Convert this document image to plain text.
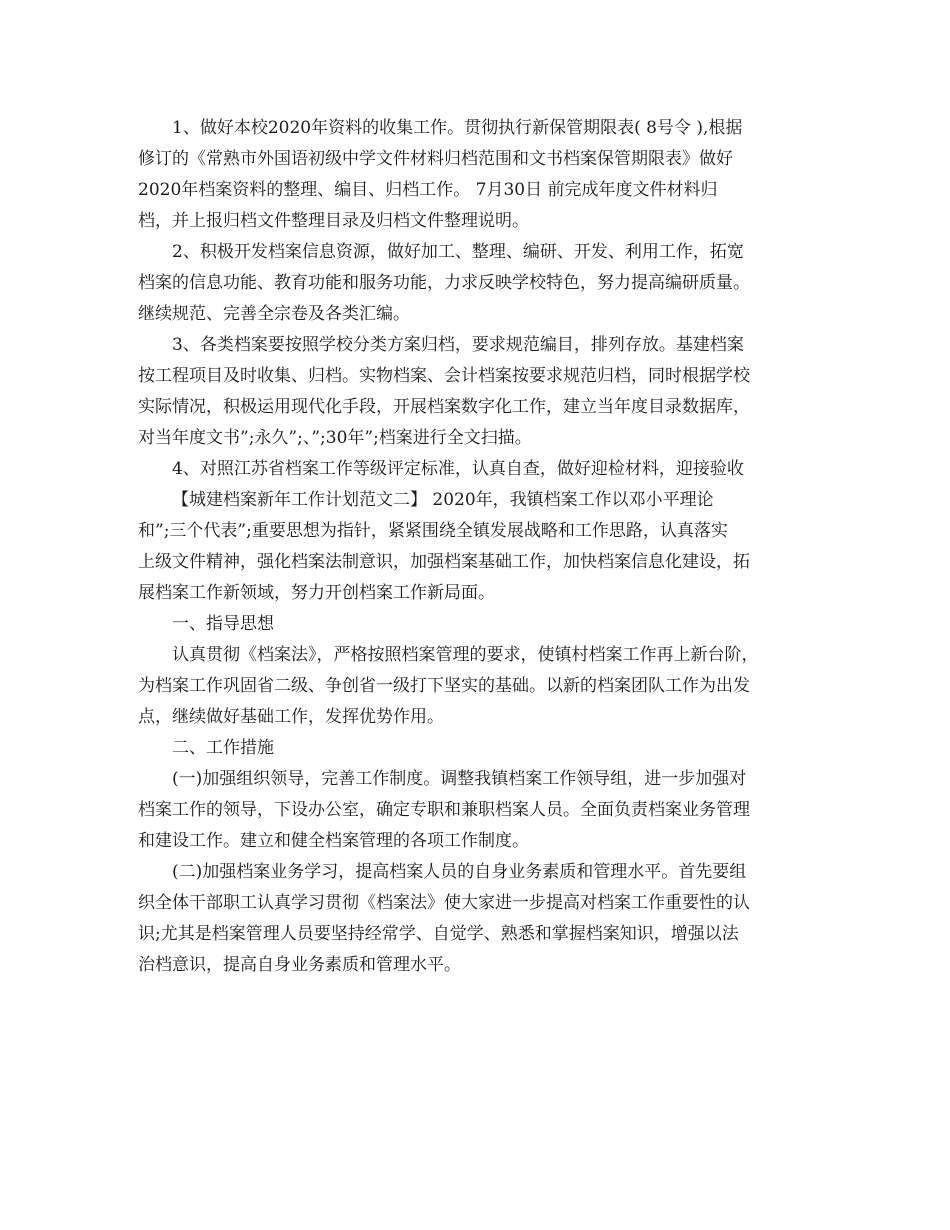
1、做好本校2020年资料的收集工作。贯彻执行新保管期限表( 8号令 ),根据
修订的《常熟市外国语初级中学文件材料归档范围和文书档案保管期限表》做好
2020年档案资料的整理、编目、归档工作。 7月30日 前完成年度文件材料归
档，并上报归档文件整理目录及归档文件整理说明。
2、积极开发档案信息资源，做好加工、整理、编研、开发、利用工作，拓宽
档案的信息功能、教育功能和服务功能，力求反映学校特色，努力提高编研质量。
继续规范、完善全宗卷及各类汇编。
3、各类档案要按照学校分类方案归档，要求规范编目，排列存放。基建档案
按工程项目及时收集、归档。实物档案、会计档案按要求规范归档，同时根据学校
实际情况，积极运用现代化手段，开展档案数字化工作，建立当年度目录数据库，
对当年度文书”;永久”;、”;30年”;档案进行全文扫描。
4、对照江苏省档案工作等级评定标准，认真自查，做好迎检材料，迎接验收
【城建档案新年工作计划范文二】 2020年，我镇档案工作以邓小平理论
和”;三个代表”;重要思想为指针，紧紧围绕全镇发展战略和工作思路，认真落实
上级文件精神，强化档案法制意识，加强档案基础工作，加快档案信息化建设，拓
展档案工作新领域，努力开创档案工作新局面。
一、指导思想
认真贯彻《档案法》，严格按照档案管理的要求，使镇村档案工作再上新台阶，
为档案工作巩固省二级、争创省一级打下坚实的基础。以新的档案团队工作为出发
点，继续做好基础工作，发挥优势作用。
二、工作措施
(一)加强组织领导，完善工作制度。调整我镇档案工作领导组，进一步加强对
档案工作的领导，下设办公室，确定专职和兼职档案人员。全面负责档案业务管理
和建设工作。建立和健全档案管理的各项工作制度。
(二)加强档案业务学习，提高档案人员的自身业务素质和管理水平。首先要组
织全体干部职工认真学习贯彻《档案法》使大家进一步提高对档案工作重要性的认
识;尤其是档案管理人员要坚持经常学、自觉学、熟悉和掌握档案知识，增强以法
治档意识，提高自身业务素质和管理水平。
